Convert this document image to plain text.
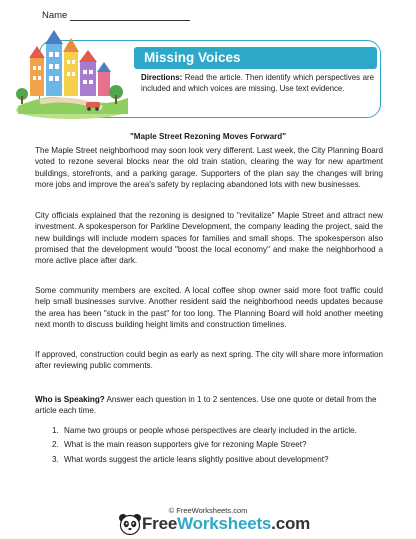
Name
Missing Voices

Directions: Read the article. Then identify which perspectives are included and which voices are missing. Use text evidence.

"Maple Street Rezoning Moves Forward"

The Maple Street neighborhood may soon look very different. Last week, the City Planning Board voted to rezone several blocks near the old train station, clearing the way for new apartment buildings, storefronts, and a parking garage. Supporters of the plan say the changes will bring more jobs and improve the area's safety by replacing abandoned lots with new businesses.

City officials explained that the rezoning is designed to "revitalize" Maple Street and attract new investment. A spokesperson for Parkline Development, the company leading the project, said the new buildings will include modern spaces for families and small shops. The spokesperson also promised that the development would "boost the local economy" and make the neighborhood a more active place after dark.

Some community members are excited. A local coffee shop owner said more foot traffic could help small businesses survive. Another resident said the neighborhood needs updates because the area has been "stuck in the past" for too long. The Planning Board will hold another meeting next month to discuss building height limits and construction timelines.

If approved, construction could begin as early as next spring. The city will share more information after reviewing public comments.

Who is Speaking? Answer each question in 1 to 2 sentences. Use one quote or detail from the article each time.

1. Name two groups or people whose perspectives are clearly included in the article.
2. What is the main reason supporters give for rezoning Maple Street?
3. What words suggest the article leans slightly positive about development?

© FreeWorksheets.com

FreeWorksheets.com
